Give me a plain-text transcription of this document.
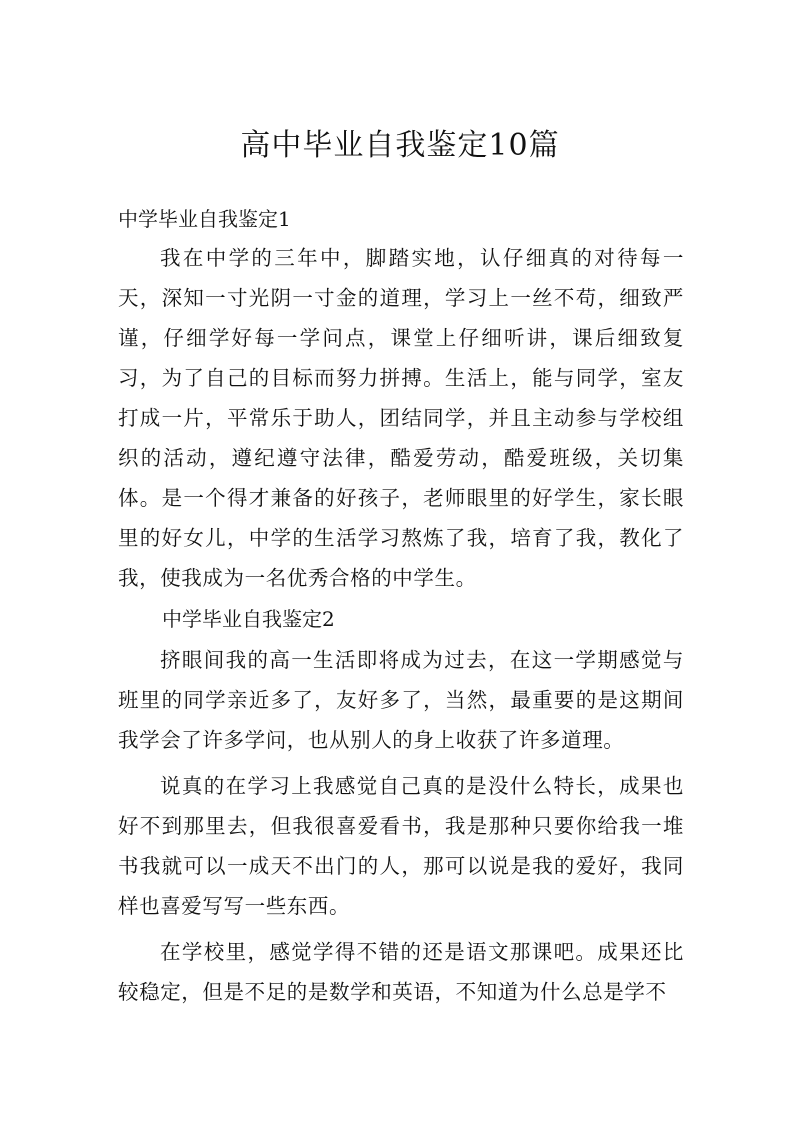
高中毕业自我鉴定10篇

中学毕业自我鉴定1

我在中学的三年中，脚踏实地，认仔细真的对待每一天，深知一寸光阴一寸金的道理，学习上一丝不苟，细致严谨，仔细学好每一学问点，课堂上仔细听讲，课后细致复习，为了自己的目标而努力拼搏。生活上，能与同学，室友打成一片，平常乐于助人，团结同学，并且主动参与学校组织的活动，遵纪遵守法律，酷爱劳动，酷爱班级，关切集体。是一个得才兼备的好孩子，老师眼里的好学生，家长眼里的好女儿，中学的生活学习熬炼了我，培育了我，教化了我，使我成为一名优秀合格的中学生。

中学毕业自我鉴定2

挤眼间我的高一生活即将成为过去，在这一学期感觉与班里的同学亲近多了，友好多了，当然，最重要的是这期间我学会了许多学问，也从别人的身上收获了许多道理。

说真的在学习上我感觉自己真的是没什么特长，成果也好不到那里去，但我很喜爱看书，我是那种只要你给我一堆书我就可以一成天不出门的人，那可以说是我的爱好，我同样也喜爱写写一些东西。

在学校里，感觉学得不错的还是语文那课吧。成果还比较稳定，但是不足的是数学和英语，不知道为什么总是学不
